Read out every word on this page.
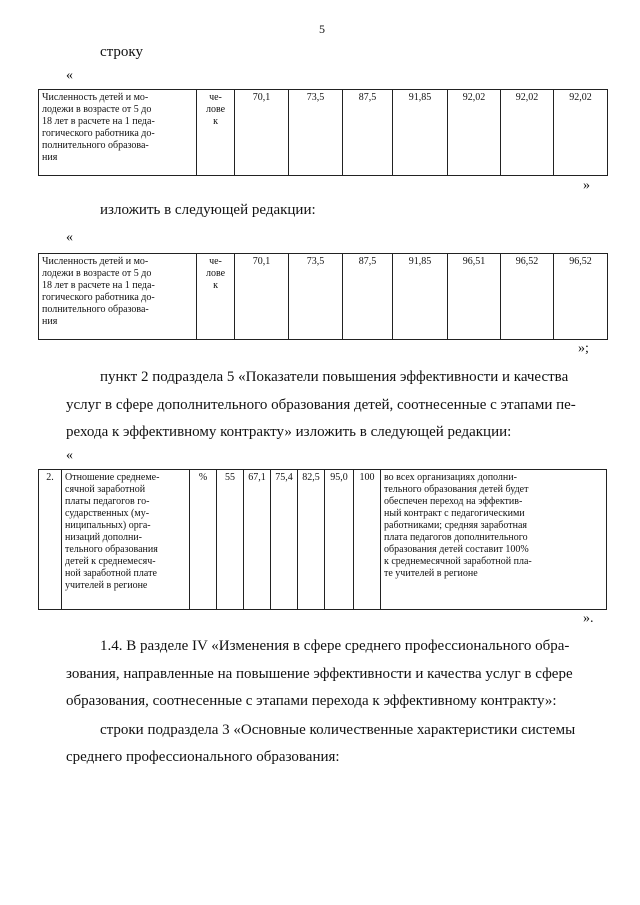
5
строку
«
Численность детей и мо-
лодежи в возрасте от 5 до
18 лет в расчете на 1 педа-
гогического работника до-
полнительного образова-
ния	че-
лове
к	70,1	73,5	87,5	91,85	92,02	92,02	92,02
»
изложить в следующей редакции:
«
Численность детей и мо-
лодежи в возрасте от 5 до
18 лет в расчете на 1 педа-
гогического работника до-
полнительного образова-
ния	че-
лове
к	70,1	73,5	87,5	91,85	96,51	96,52	96,52
»;
пункт 2 подраздела 5 «Показатели повышения эффективности и качества
услуг в сфере дополнительного образования детей, соотнесенные с этапами пе-
рехода к эффективному контракту» изложить в следующей редакции:
«
2.	Отношение среднеме-
сячной заработной
платы педагогов го-
сударственных (му-
ниципальных) орга-
низаций дополни-
тельного образования
детей к среднемесяч-
ной заработной плате
учителей в регионе	%	55	67,1	75,4	82,5	95,0	100	во всех организациях дополни-
тельного образования детей будет
обеспечен переход на эффектив-
ный контракт с педагогическими
работниками; средняя заработная
плата педагогов дополнительного
образования детей составит 100%
к среднемесячной заработной пла-
те учителей в регионе
».
1.4. В разделе IV «Изменения в сфере среднего профессионального обра-
зования, направленные на повышение эффективности и качества услуг в сфере
образования, соотнесенные с этапами перехода к эффективному контракту»:
строки подраздела 3 «Основные количественные характеристики системы
среднего профессионального образования:
